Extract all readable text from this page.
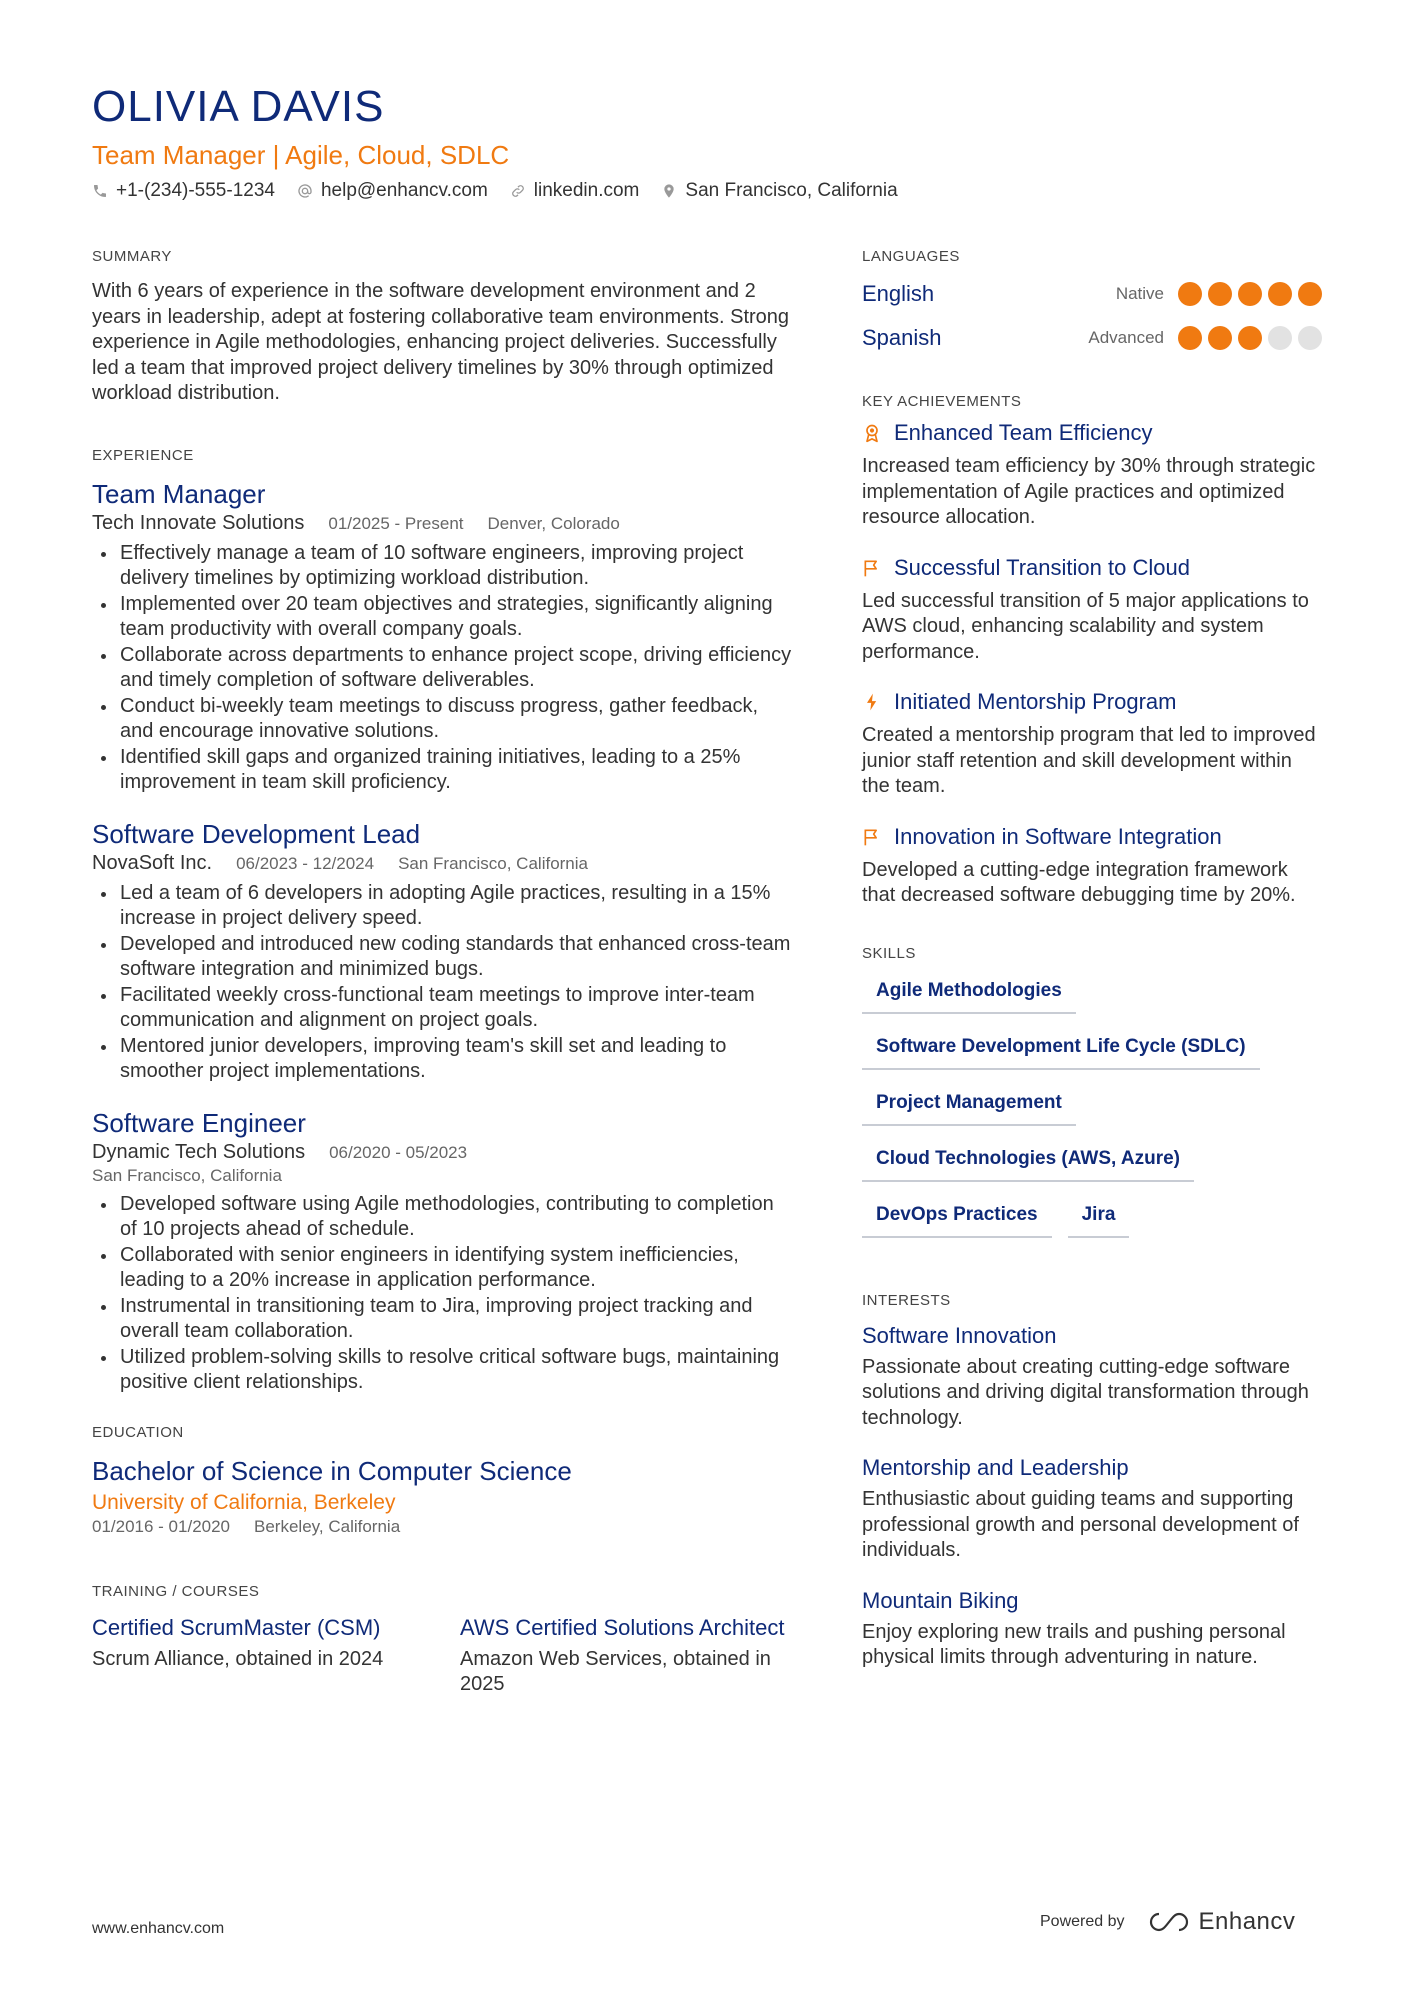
OLIVIA DAVIS
Team Manager | Agile, Cloud, SDLC
+1-(234)-555-1234 help@enhancv.com linkedin.com San Francisco, California
SUMMARY

With 6 years of experience in the software development environment and 2 years in leadership, adept at fostering collaborative team environments. Strong experience in Agile methodologies, enhancing project deliveries. Successfully led a team that improved project delivery timelines by 30% through optimized workload distribution.

EXPERIENCE
Team Manager
Tech Innovate Solutions 01/2025 - Present Denver, Colorado
Effectively manage a team of 10 software engineers, improving project delivery timelines by optimizing workload distribution.
Implemented over 20 team objectives and strategies, significantly aligning team productivity with overall company goals.
Collaborate across departments to enhance project scope, driving efficiency and timely completion of software deliverables.
Conduct bi-weekly team meetings to discuss progress, gather feedback, and encourage innovative solutions.
Identified skill gaps and organized training initiatives, leading to a 25% improvement in team skill proficiency.
Software Development Lead
NovaSoft Inc. 06/2023 - 12/2024 San Francisco, California
Led a team of 6 developers in adopting Agile practices, resulting in a 15% increase in project delivery speed.
Developed and introduced new coding standards that enhanced cross-team software integration and minimized bugs.
Facilitated weekly cross-functional team meetings to improve inter-team communication and alignment on project goals.
Mentored junior developers, improving team's skill set and leading to smoother project implementations.
Software Engineer
Dynamic Tech Solutions 06/2020 - 05/2023
San Francisco, California
Developed software using Agile methodologies, contributing to completion of 10 projects ahead of schedule.
Collaborated with senior engineers in identifying system inefficiencies, leading to a 20% increase in application performance.
Instrumental in transitioning team to Jira, improving project tracking and overall team collaboration.
Utilized problem-solving skills to resolve critical software bugs, maintaining positive client relationships.
EDUCATION
Bachelor of Science in Computer Science
University of California, Berkeley
01/2016 - 01/2020 Berkeley, California
TRAINING / COURSES
Certified ScrumMaster (CSM)
Scrum Alliance, obtained in 2024
AWS Certified Solutions Architect
Amazon Web Services, obtained in 2025
LANGUAGES
English	Native
Spanish	Advanced
KEY ACHIEVEMENTS
Enhanced Team Efficiency
Increased team efficiency by 30% through strategic implementation of Agile practices and optimized resource allocation.
Successful Transition to Cloud
Led successful transition of 5 major applications to AWS cloud, enhancing scalability and system performance.
Initiated Mentorship Program
Created a mentorship program that led to improved junior staff retention and skill development within the team.
Innovation in Software Integration
Developed a cutting-edge integration framework that decreased software debugging time by 20%.
SKILLS
Agile Methodologies
Software Development Life Cycle (SDLC)
Project Management
Cloud Technologies (AWS, Azure)
DevOps Practices	Jira
INTERESTS
Software Innovation
Passionate about creating cutting-edge software solutions and driving digital transformation through technology.
Mentorship and Leadership
Enthusiastic about guiding teams and supporting professional growth and personal development of individuals.
Mountain Biking
Enjoy exploring new trails and pushing personal physical limits through adventuring in nature.
www.enhancv.com	Powered by	Enhancv
